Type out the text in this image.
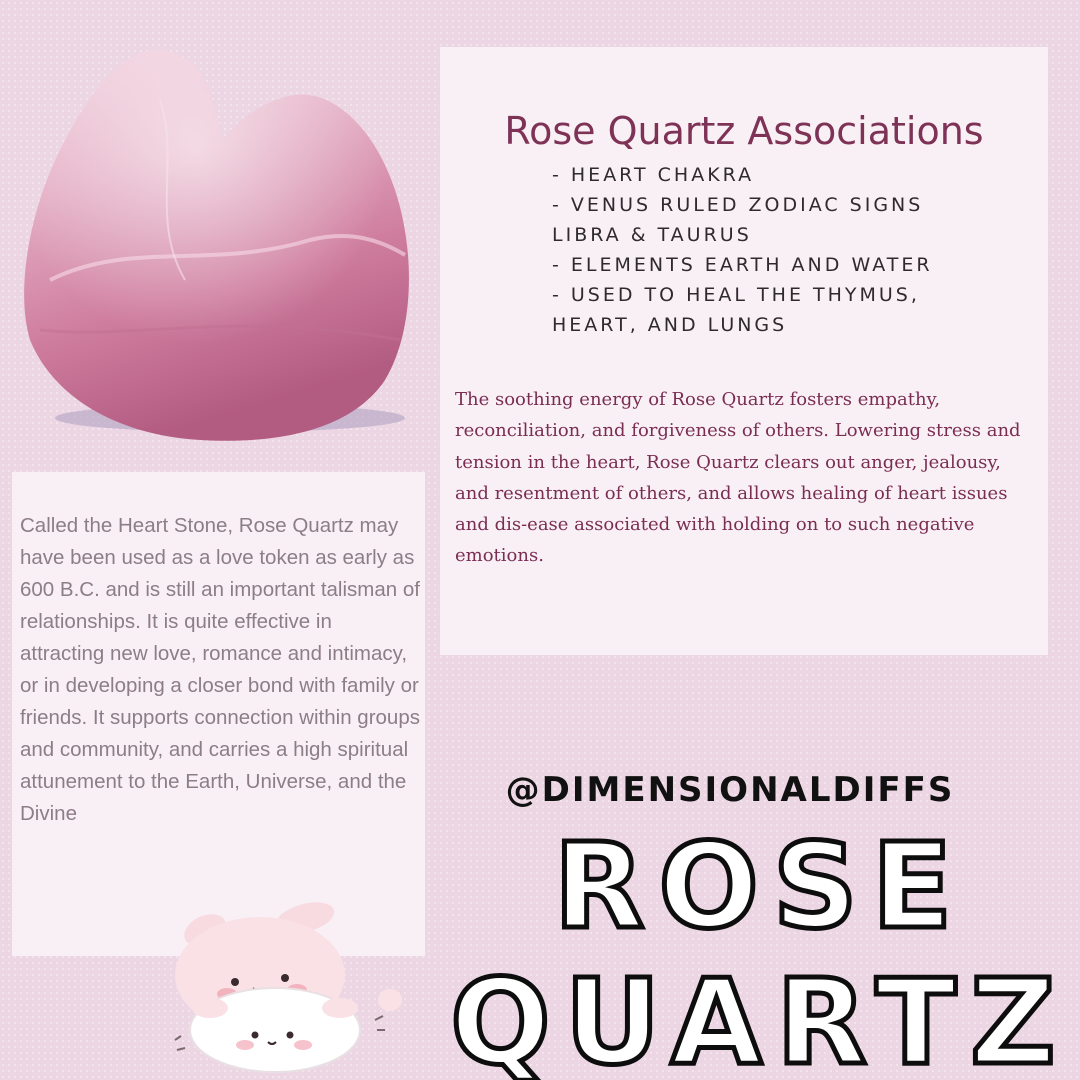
Rose Quartz Associations
- HEART CHAKRA
- VENUS RULED ZODIAC SIGNS LIBRA & TAURUS
- ELEMENTS EARTH AND WATER
- USED TO HEAL THE THYMUS, HEART, AND LUNGS

The soothing energy of Rose Quartz fosters empathy, reconciliation, and forgiveness of others. Lowering stress and tension in the heart, Rose Quartz clears out anger, jealousy, and resentment of others, and allows healing of heart issues and dis-ease associated with holding on to such negative emotions.

Called the Heart Stone, Rose Quartz may have been used as a love token as early as 600 B.C. and is still an important talisman of relationships. It is quite effective in attracting new love, romance and intimacy, or in developing a closer bond with family or friends. It supports connection within groups and community, and carries a high spiritual attunement to the Earth, Universe, and the Divine

@DIMENSIONALDIFFS
ROSE
QUARTZ
